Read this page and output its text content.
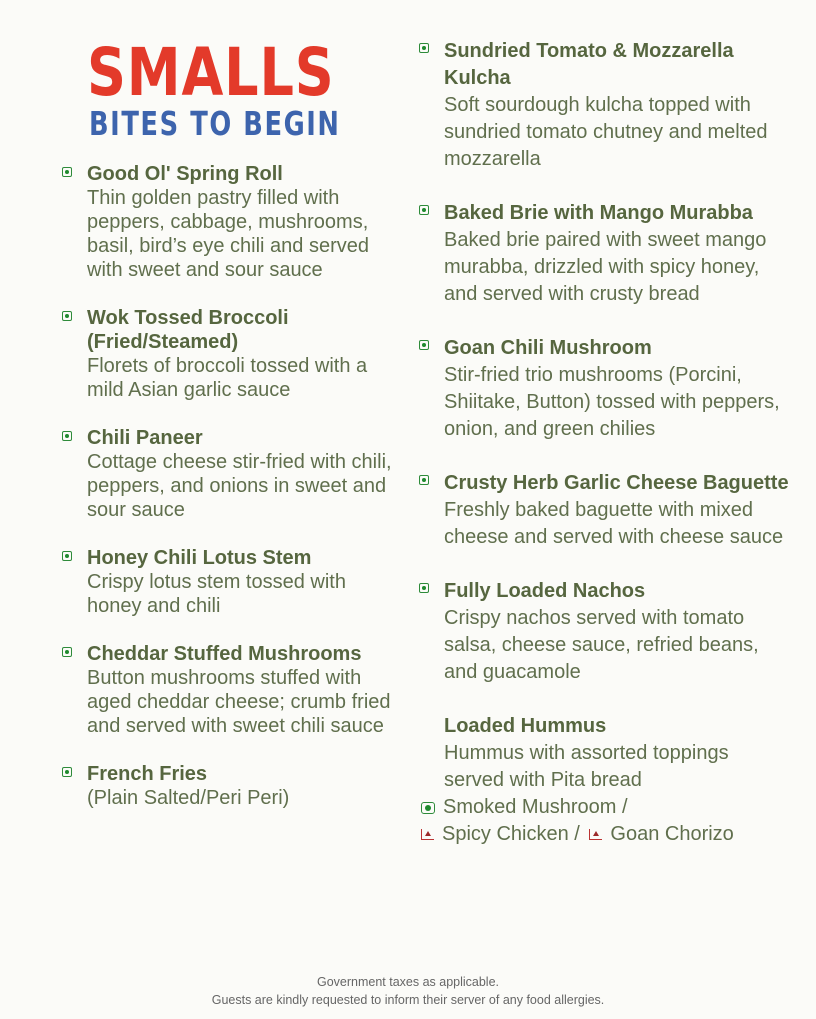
SMALLS
BITES TO BEGIN
Good Ol' Spring Roll
Thin golden pastry filled with peppers, cabbage, mushrooms, basil, bird’s eye chili and served with sweet and sour sauce
Wok Tossed Broccoli (Fried/Steamed)
Florets of broccoli tossed with a mild Asian garlic sauce
Chili Paneer
Cottage cheese stir-fried with chili, peppers, and onions in sweet and sour sauce
Honey Chili Lotus Stem
Crispy lotus stem tossed with honey and chili
Cheddar Stuffed Mushrooms
Button mushrooms stuffed with aged cheddar cheese; crumb fried and served with sweet chili sauce
French Fries
(Plain Salted/Peri Peri)
Sundried Tomato & Mozzarella Kulcha
Soft sourdough kulcha topped with sundried tomato chutney and melted mozzarella
Baked Brie with Mango Murabba
Baked brie paired with sweet mango murabba, drizzled with spicy honey, and served with crusty bread
Goan Chili Mushroom
Stir-fried trio mushrooms (Porcini, Shiitake, Button) tossed with peppers, onion, and green chilies
Crusty Herb Garlic Cheese Baguette
Freshly baked baguette with mixed cheese and served with cheese sauce
Fully Loaded Nachos
Crispy nachos served with tomato salsa, cheese sauce, refried beans, and guacamole
Loaded Hummus
Hummus with assorted toppings served with Pita bread
Smoked Mushroom /
Spicy Chicken / Goan Chorizo
Government taxes as applicable.
Guests are kindly requested to inform their server of any food allergies.
